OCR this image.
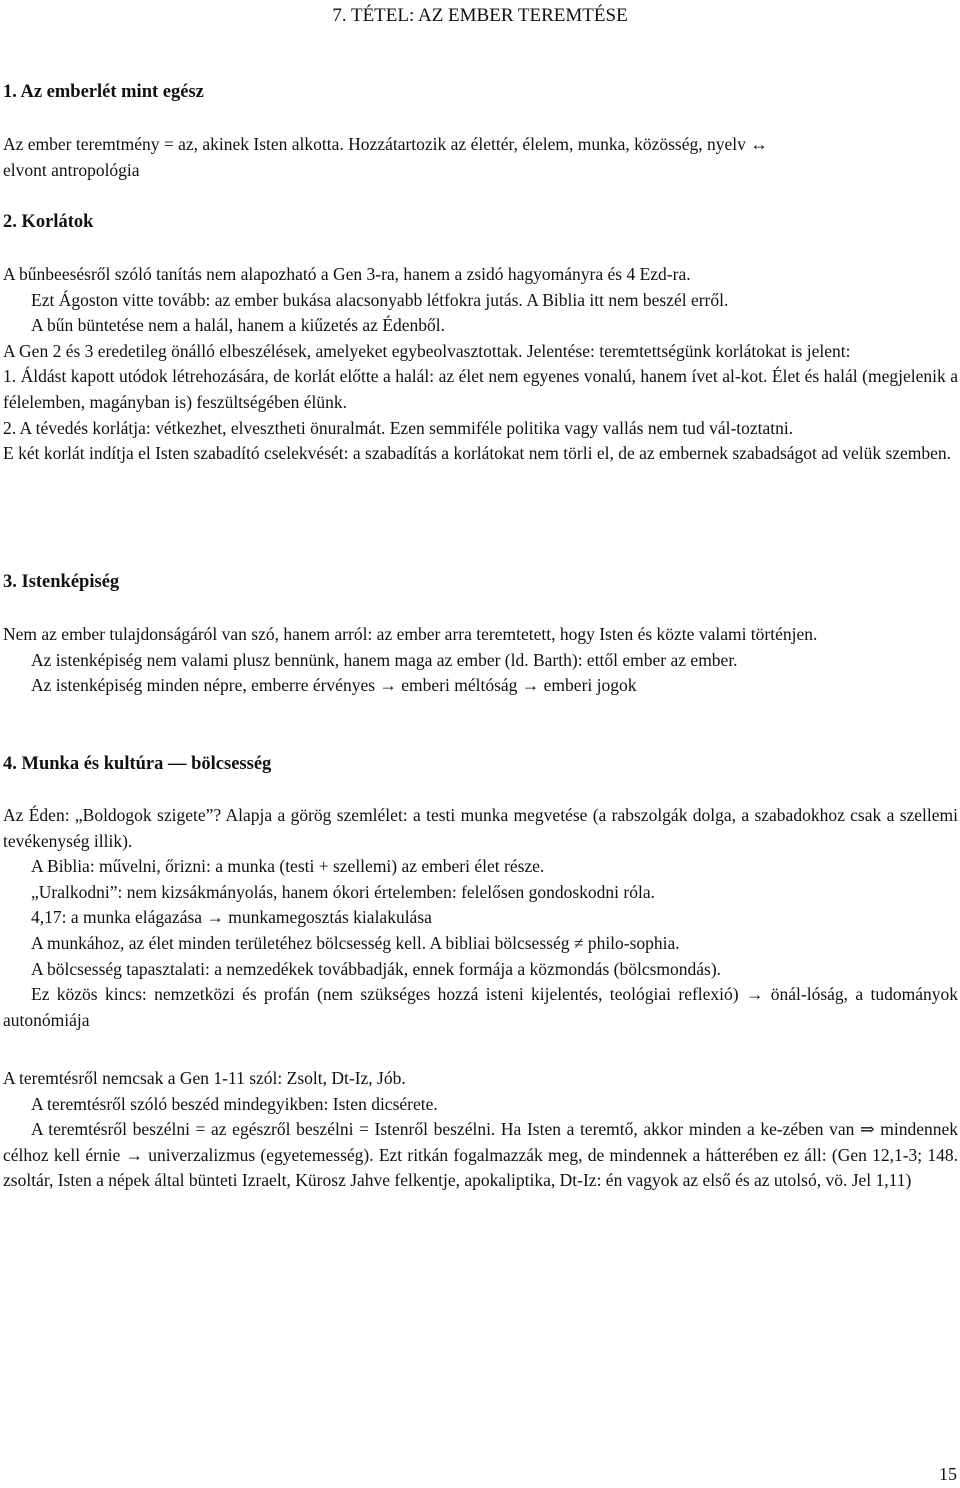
7. TÉTEL: AZ EMBER TEREMTÉSE
1. Az emberlét mint egész

Az ember teremtmény = az, akinek Isten alkotta. Hozzátartozik az élettér, élelem, munka, közösség, nyelv ↔

elvont antropológia

2. Korlátok

A bűnbeesésről szóló tanítás nem alapozható a Gen 3-ra, hanem a zsidó hagyományra és 4 Ezd-ra.

Ezt Ágoston vitte tovább: az ember bukása alacsonyabb létfokra jutás. A Biblia itt nem beszél erről.

A bűn büntetése nem a halál, hanem a kiűzetés az Édenből.

A Gen 2 és 3 eredetileg önálló elbeszélések, amelyeket egybeolvasztottak. Jelentése: teremtettségünk korlátokat is jelent:

1. Áldást kapott utódok létrehozására, de korlát előtte a halál: az élet nem egyenes vonalú, hanem ívet al-kot. Élet és halál (megjelenik a félelemben, magányban is) feszültségében élünk.

2. A tévedés korlátja: vétkezhet, elvesztheti önuralmát. Ezen semmiféle politika vagy vallás nem tud vál-toztatni.

E két korlát indítja el Isten szabadító cselekvését: a szabadítás a korlátokat nem törli el, de az embernek szabadságot ad velük szemben.

3. Istenképiség

Nem az ember tulajdonságáról van szó, hanem arról: az ember arra teremtetett, hogy Isten és közte valami történjen.

Az istenképiség nem valami plusz bennünk, hanem maga az ember (ld. Barth): ettől ember az ember.

Az istenképiség minden népre, emberre érvényes → emberi méltóság → emberi jogok

4. Munka és kultúra — bölcsesség

Az Éden: „Boldogok szigete”? Alapja a görög szemlélet: a testi munka megvetése (a rabszolgák dolga, a szabadokhoz csak a szellemi tevékenység illik).

A Biblia: művelni, őrizni: a munka (testi + szellemi) az emberi élet része.

„Uralkodni”: nem kizsákmányolás, hanem ókori értelemben: felelősen gondoskodni róla.

4,17: a munka elágazása → munkamegosztás kialakulása

A munkához, az élet minden területéhez bölcsesség kell. A bibliai bölcsesség ≠ philo-sophia.

A bölcsesség tapasztalati: a nemzedékek továbbadják, ennek formája a közmondás (bölcsmondás).

Ez közös kincs: nemzetközi és profán (nem szükséges hozzá isteni kijelentés, teológiai reflexió) → önál-lóság, a tudományok autonómiája

A teremtésről nemcsak a Gen 1-11 szól: Zsolt, Dt-Iz, Jób.

A teremtésről szóló beszéd mindegyikben: Isten dicsérete.

A teremtésről beszélni = az egészről beszélni = Istenről beszélni. Ha Isten a teremtő, akkor minden a ke-zében van ⇒ mindennek célhoz kell érnie → univerzalizmus (egyetemesség). Ezt ritkán fogalmazzák meg, de mindennek a hátterében ez áll: (Gen 12,1-3; 148. zsoltár, Isten a népek által bünteti Izraelt, Kürosz Jahve felkentje, apokaliptika, Dt-Iz: én vagyok az első és az utolsó, vö. Jel 1,11)

15
